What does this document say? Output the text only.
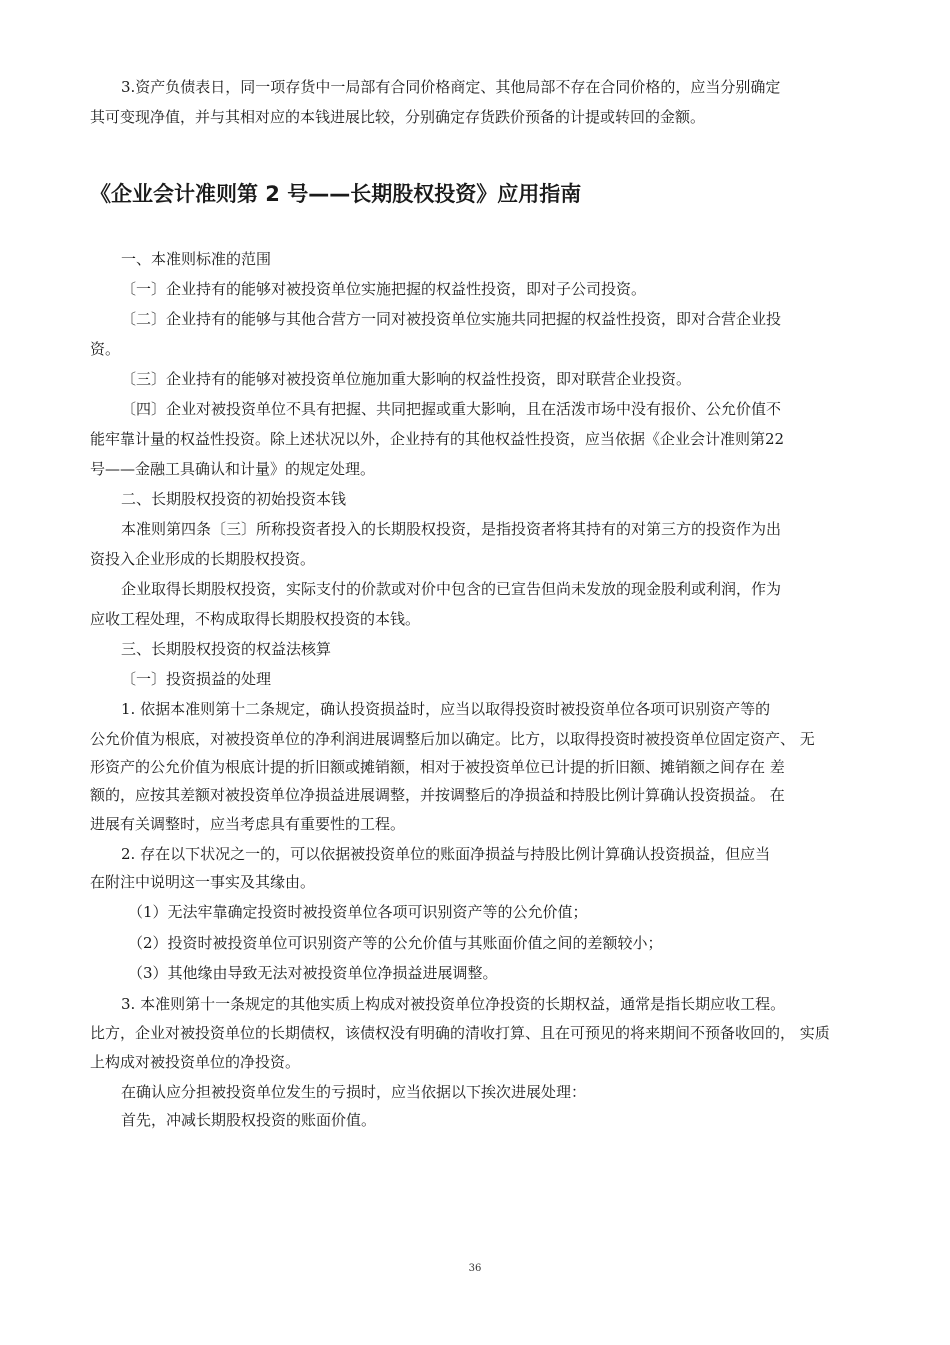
3.资产负债表日，同一项存货中一局部有合同价格商定、其他局部不存在合同价格的，应当分别确定

其可变现净值，并与其相对应的本钱进展比较，分别确定存货跌价预备的计提或转回的金额。

《企业会计准则第 2 号——长期股权投资》应用指南

一、本准则标准的范围

〔一〕企业持有的能够对被投资单位实施把握的权益性投资，即对子公司投资。

〔二〕企业持有的能够与其他合营方一同对被投资单位实施共同把握的权益性投资，即对合营企业投

资。

〔三〕企业持有的能够对被投资单位施加重大影响的权益性投资，即对联营企业投资。

〔四〕企业对被投资单位不具有把握、共同把握或重大影响，且在活泼市场中没有报价、公允价值不

能牢靠计量的权益性投资。除上述状况以外，企业持有的其他权益性投资，应当依据《企业会计准则第22

号——金融工具确认和计量》的规定处理。

二、长期股权投资的初始投资本钱

本准则第四条〔三〕所称投资者投入的长期股权投资，是指投资者将其持有的对第三方的投资作为出

资投入企业形成的长期股权投资。

企业取得长期股权投资，实际支付的价款或对价中包含的已宣告但尚未发放的现金股利或利润，作为

应收工程处理，不构成取得长期股权投资的本钱。

三、长期股权投资的权益法核算

〔一〕投资损益的处理

1. 依据本准则第十二条规定，确认投资损益时，应当以取得投资时被投资单位各项可识别资产等的

公允价值为根底，对被投资单位的净利润进展调整后加以确定。比方，以取得投资时被投资单位固定资产、 无

形资产的公允价值为根底计提的折旧额或摊销额，相对于被投资单位已计提的折旧额、摊销额之间存在 差

额的，应按其差额对被投资单位净损益进展调整，并按调整后的净损益和持股比例计算确认投资损益。 在

进展有关调整时，应当考虑具有重要性的工程。

2. 存在以下状况之一的，可以依据被投资单位的账面净损益与持股比例计算确认投资损益，但应当

在附注中说明这一事实及其缘由。

（1）无法牢靠确定投资时被投资单位各项可识别资产等的公允价值；

（2）投资时被投资单位可识别资产等的公允价值与其账面价值之间的差额较小；

（3）其他缘由导致无法对被投资单位净损益进展调整。

3. 本准则第十一条规定的其他实质上构成对被投资单位净投资的长期权益，通常是指长期应收工程。

比方，企业对被投资单位的长期债权，该债权没有明确的清收打算、且在可预见的将来期间不预备收回的， 实质

上构成对被投资单位的净投资。

在确认应分担被投资单位发生的亏损时，应当依据以下挨次进展处理：

首先，冲减长期股权投资的账面价值。

36
